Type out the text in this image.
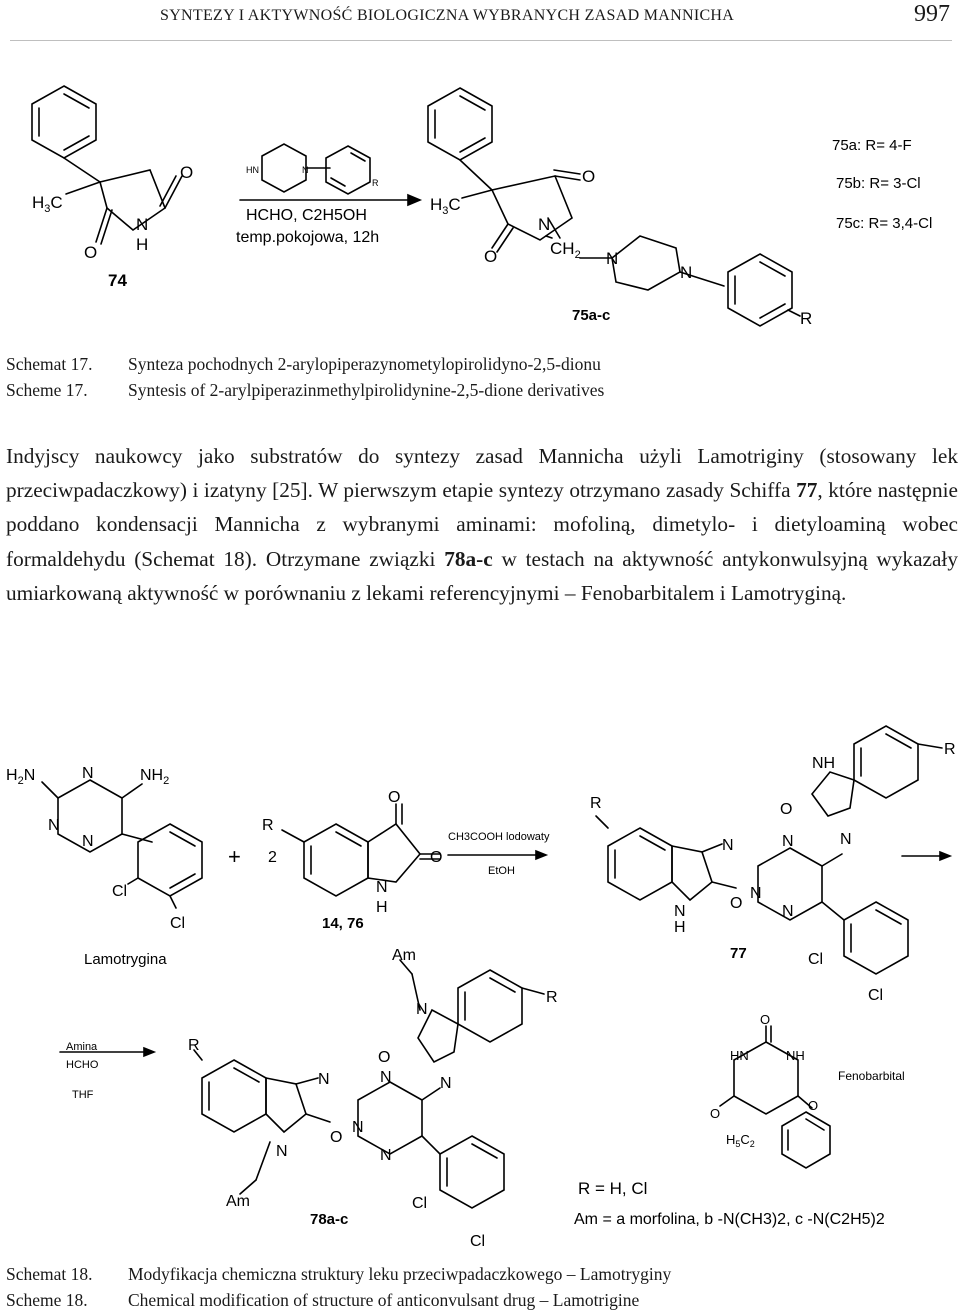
SYNTEZY I AKTYWNOŚĆ BIOLOGICZNA WYBRANYCH ZASAD MANNICHA	997
$H_3C$
O
O
N
H
74
HN	N
R
HCHO, C2H5OH
temp.pokojowa, 12h
$H_3C$
O
O
N
$CH_2$ N
N
R
75a-c
75a: R= 4-F
75b: R= 3-Cl
75c: R= 3,4-Cl
Schemat 17.	Synteza pochodnych 2-arylopiperazynometylopirolidyno-2,5-dionu
Scheme 17.	Syntesis of 2-arylpiperazinmethylpirolidynine-2,5-dione derivatives

Indyjscy naukowcy jako substratów do syntezy zasad Mannicha użyli Lamotriginy (stosowany lek przeciwpadaczkowy) i izatyny [25]. W pierwszym etapie syntezy otrzymano zasady Schiffa 77, które następnie poddano kondensacji Mannicha z wybranymi aminami: mofoliną, dimetylo- i dietyloaminą wobec formaldehydu (Schemat 18). Otrzymane związki 78a-c w testach na aktywność antykonwulsyjną wykazały umiarkowaną aktywność w porównaniu z lekami referencyjnymi – Fenobarbitalem i Lamotryginą.

$H_2N$	N	$NH_2$
N
N
Cl
Cl
Lamotrygina
+ 2
R
O
O
N
H
14, 76
CH3COOH lodowaty
EtOH
R
N
H
O
N	N
N
N
N
NH
O
R
Cl
Cl
77
Amina
HCHO
THF
R
N
O
N	N
N
N
N
N
O
Am
Am
R
Cl
Cl
78a-c
O
HN	NH
O
O
$H_5C_2$
Fenobarbital
R = H, Cl
Am = a morfolina, b -N(CH3)2, c -N(C2H5)2
Schemat 18.	Modyfikacja chemiczna struktury leku przeciwpadaczkowego – Lamotryginy
Scheme 18.	Chemical modification of structure of anticonvulsant drug – Lamotrigine
